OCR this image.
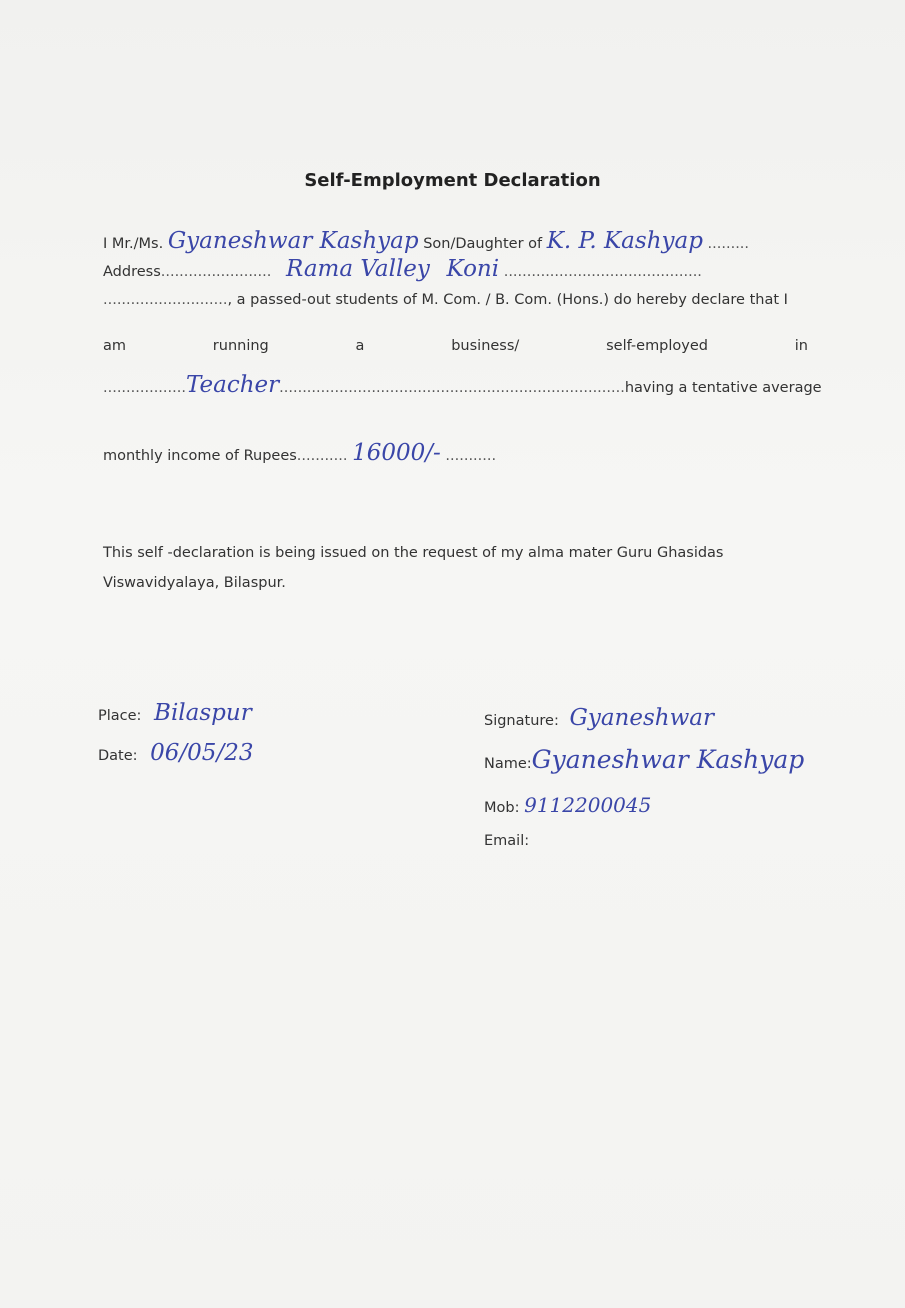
Self-Employment Declaration
I Mr./Ms. Gyaneshwar Kashyap Son/Daughter of K. P. Kashyap .........
Address........................ Rama Valley Koni ...........................................
..........................., a passed-out students of M. Com. / B. Com. (Hons.) do hereby declare that I
am	running	a	business/	self-employed	in
..................Teacher...........................................................................having a tentative average
monthly income of Rupees........... 16000/- ...........
This self -declaration is being issued on the request of my alma mater Guru Ghasidas Viswavidyalaya, Bilaspur.
Place: Bilaspur
Date: 06/05/23
Signature: Gyaneshwar
Name:Gyaneshwar Kashyap
Mob: 9112200045
Email:
